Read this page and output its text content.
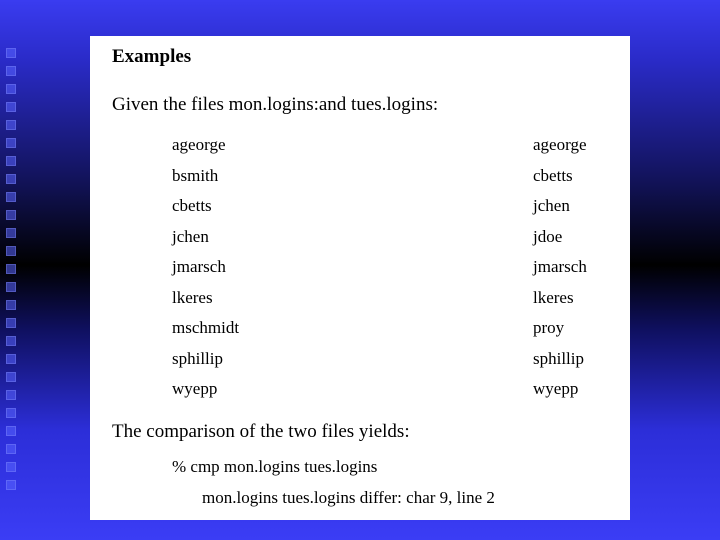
Examples
Given the files mon.logins:and tues.logins:
ageorge
bsmith
cbetts
jchen
jmarsch
lkeres
mschmidt
sphillip
wyepp
ageorge
cbetts
jchen
jdoe
jmarsch
lkeres
proy
sphillip
wyepp
The comparison of the two files yields:
% cmp mon.logins tues.logins
mon.logins tues.logins differ: char 9, line 2
